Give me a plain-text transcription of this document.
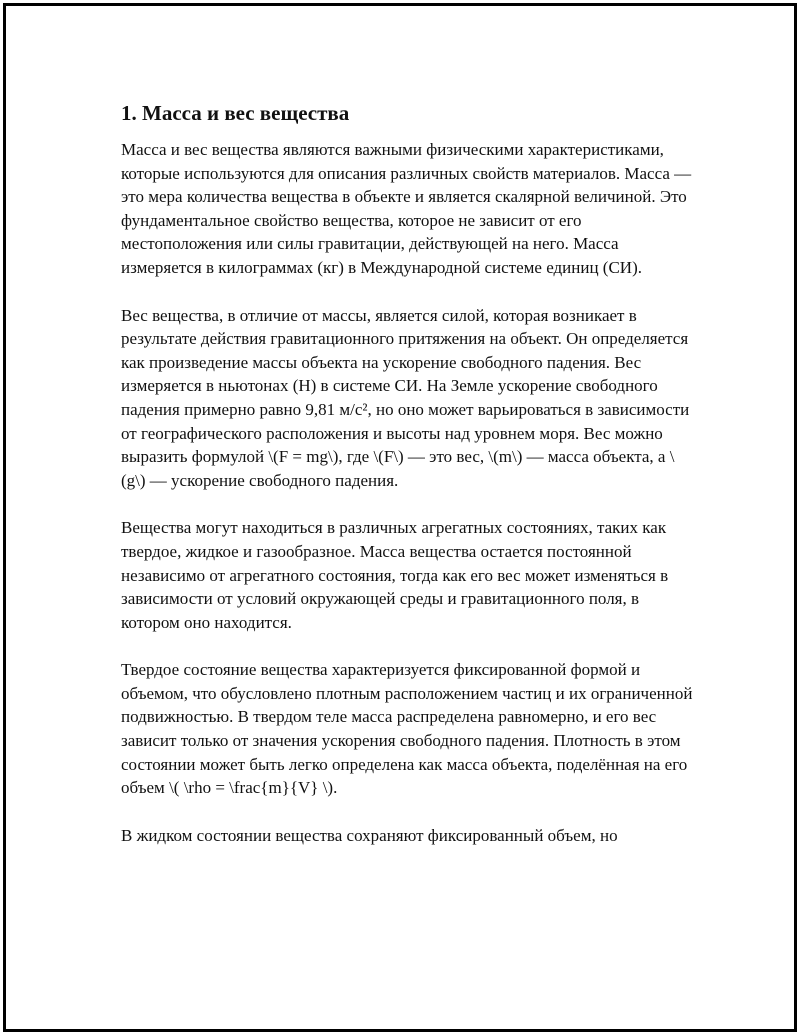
1. Масса и вес вещества

Масса и вес вещества являются важными физическими характеристиками, которые используются для описания различных свойств материалов. Масса — это мера количества вещества в объекте и является скалярной величиной. Это фундаментальное свойство вещества, которое не зависит от его местоположения или силы гравитации, действующей на него. Масса измеряется в килограммах (кг) в Международной системе единиц (СИ).

Вес вещества, в отличие от массы, является силой, которая возникает в результате действия гравитационного притяжения на объект. Он определяется как произведение массы объекта на ускорение свободного падения. Вес измеряется в ньютонах (Н) в системе СИ. На Земле ускорение свободного падения примерно равно 9,81 м/с², но оно может варьироваться в зависимости от географического расположения и высоты над уровнем моря. Вес можно выразить формулой \(F = mg\), где \(F\) — это вес, \(m\) — масса объекта, а \(g\) — ускорение свободного падения.

Вещества могут находиться в различных агрегатных состояниях, таких как твердое, жидкое и газообразное. Масса вещества остается постоянной независимо от агрегатного состояния, тогда как его вес может изменяться в зависимости от условий окружающей среды и гравитационного поля, в котором оно находится.

Твердое состояние вещества характеризуется фиксированной формой и объемом, что обусловлено плотным расположением частиц и их ограниченной подвижностью. В твердом теле масса распределена равномерно, и его вес зависит только от значения ускорения свободного падения. Плотность в этом состоянии может быть легко определена как масса объекта, поделённая на его объем \( \rho = \frac{m}{V} \).

В жидком состоянии вещества сохраняют фиксированный объем, но
